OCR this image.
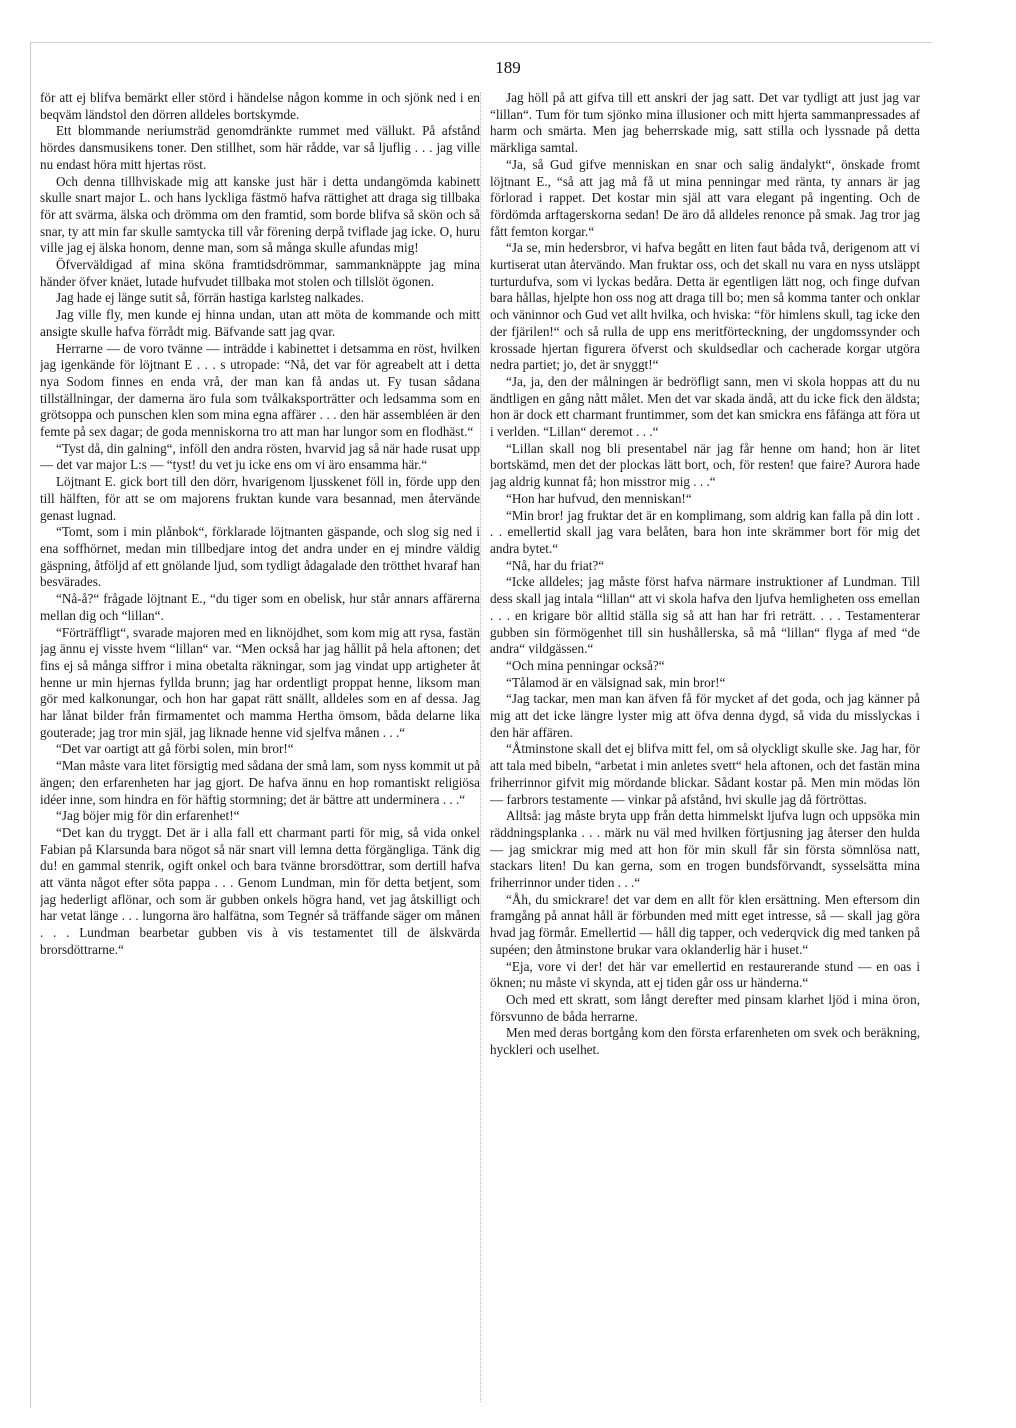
189

för att ej blifva bemärkt eller störd i händelse någon komme in och sjönk ned i en beqväm ländstol den dörren alldeles bortskymde.

Ett blommande neriumsträd genomdränkte rummet med vällukt. På afstånd hördes dansmusikens toner. Den stillhet, som här rådde, var så ljuflig . . . jag ville nu endast höra mitt hjertas röst.

Och denna tillhviskade mig att kanske just här i detta undangömda kabinett skulle snart major L. och hans lyckliga fästmö hafva rättighet att draga sig tillbaka för att svärma, älska och drömma om den framtid, som borde blifva så skön och så snar, ty att min far skulle samtycka till vår förening derpå tviflade jag icke. O, huru ville jag ej älska honom, denne man, som så många skulle afundas mig!

Öfverväldigad af mina sköna framtidsdrömmar, sammanknäppte jag mina händer öfver knäet, lutade hufvudet tillbaka mot stolen och tillslöt ögonen.

Jag hade ej länge sutit så, förrän hastiga karlsteg nalkades.

Jag ville fly, men kunde ej hinna undan, utan att möta de kommande och mitt ansigte skulle hafva förrådt mig. Bäfvande satt jag qvar.

Herrarne — de voro tvänne — inträdde i kabinettet i detsamma en röst, hvilken jag igenkände för löjtnant E . . . s utropade: “Nå, det var för agreabelt att i detta nya Sodom finnes en enda vrå, der man kan få andas ut. Fy tusan sådana tillställningar, der damerna äro fula som tvålkaksporträtter och ledsamma som en grötsoppa och punschen klen som mina egna affärer . . . den här assembléen är den femte på sex dagar; de goda menniskorna tro att man har lungor som en flodhäst.“

“Tyst då, din galning“, inföll den andra rösten, hvarvid jag så när hade rusat upp — det var major L:s — “tyst! du vet ju icke ens om vi äro ensamma här.“

Löjtnant E. gick bort till den dörr, hvarigenom ljusskenet föll in, förde upp den till hälften, för att se om majorens fruktan kunde vara besannad, men återvände genast lugnad.

“Tomt, som i min plånbok“, förklarade löjtnanten gäspande, och slog sig ned i ena soffhörnet, medan min tillbedjare intog det andra under en ej mindre väldig gäspning, åtföljd af ett gnölande ljud, som tydligt ådagalade den trötthet hvaraf han besvärades.

“Nå-å?“ frågade löjtnant E., “du tiger som en obelisk, hur står annars affärerna mellan dig och “lillan“.

“Förträffligt“, svarade majoren med en liknöjdhet, som kom mig att rysa, fastän jag ännu ej visste hvem “lillan“ var. “Men också har jag hållit på hela aftonen; det fins ej så många siffror i mina obetalta räkningar, som jag vindat upp artigheter åt henne ur min hjernas fyllda brunn; jag har ordentligt proppat henne, liksom man gör med kalkonungar, och hon har gapat rätt snällt, alldeles som en af dessa. Jag har lånat bilder från firmamentet och mamma Hertha ömsom, båda delarne lika gouterade; jag tror min själ, jag liknade henne vid sjelfva månen . . .“

“Det var oartigt att gå förbi solen, min bror!“

“Man måste vara litet försigtig med sådana der små lam, som nyss kommit ut på ängen; den erfarenheten har jag gjort. De hafva ännu en hop romantiskt religiösa idéer inne, som hindra en för häftig stormning; det är bättre att underminera . . .“

“Jag böjer mig för din erfarenhet!“

“Det kan du tryggt. Det är i alla fall ett charmant parti för mig, så vida onkel Fabian på Klarsunda bara nögot så när snart vill lemna detta förgängliga. Tänk dig du! en gammal stenrik, ogift onkel och bara tvänne brorsdöttrar, som dertill hafva att vänta något efter söta pappa . . . Genom Lundman, min för detta betjent, som jag hederligt aflönar, och som är gubben onkels högra hand, vet jag åtskilligt och har vetat länge . . . lungorna äro halfätna, som Tegnér så träffande säger om månen . . . Lundman bearbetar gubben vis à vis testamentet till de älskvärda brorsdöttrarne.“

Jag höll på att gifva till ett anskri der jag satt. Det var tydligt att just jag var “lillan“. Tum för tum sjönko mina illusioner och mitt hjerta sammanpressades af harm och smärta. Men jag beherrskade mig, satt stilla och lyssnade på detta märkliga samtal.

“Ja, så Gud gifve menniskan en snar och salig ändalykt“, önskade fromt löjtnant E., “så att jag må få ut mina penningar med ränta, ty annars är jag förlorad i rappet. Det kostar min själ att vara elegant på ingenting. Och de fördömda arftagerskorna sedan! De äro då alldeles renonce på smak. Jag tror jag fått femton korgar.“

“Ja se, min hedersbror, vi hafva begått en liten faut båda två, derigenom att vi kurtiserat utan återvändo. Man fruktar oss, och det skall nu vara en nyss utsläppt turturdufva, som vi lyckas bedåra. Detta är egentligen lätt nog, och finge dufvan bara hållas, hjelpte hon oss nog att draga till bo; men så komma tanter och onklar och väninnor och Gud vet allt hvilka, och hviska: “för himlens skull, tag icke den der fjärilen!“ och så rulla de upp ens meritförteckning, der ungdomssynder och krossade hjertan figurera öfverst och skuldsedlar och cacherade korgar utgöra nedra partiet; jo, det är snyggt!“

“Ja, ja, den der målningen är bedröfligt sann, men vi skola hoppas att du nu ändtligen en gång nått målet. Men det var skada ändå, att du icke fick den äldsta; hon är dock ett charmant fruntimmer, som det kan smickra ens fåfänga att föra ut i verlden. “Lillan“ deremot . . .“

“Lillan skall nog bli presentabel när jag får henne om hand; hon är litet bortskämd, men det der plockas lätt bort, och, för resten! que faire? Aurora hade jag aldrig kunnat få; hon misstror mig . . .“

“Hon har hufvud, den menniskan!“

“Min bror! jag fruktar det är en komplimang, som aldrig kan falla på din lott . . . emellertid skall jag vara belåten, bara hon inte skrämmer bort för mig det andra bytet.“

“Nå, har du friat?“

“Icke alldeles; jag måste först hafva närmare instruktioner af Lundman. Till dess skall jag intala “lillan“ att vi skola hafva den ljufva hemligheten oss emellan . . . en krigare bör alltid ställa sig så att han har fri reträtt. . . . Testamenterar gubben sin förmögenhet till sin hushållerska, så må “lillan“ flyga af med “de andra“ vildgässen.“

“Och mina penningar också?“

“Tålamod är en välsignad sak, min bror!“

“Jag tackar, men man kan äfven få för mycket af det goda, och jag känner på mig att det icke längre lyster mig att öfva denna dygd, så vida du misslyckas i den här affären.

“Åtminstone skall det ej blifva mitt fel, om så olyckligt skulle ske. Jag har, för att tala med bibeln, “arbetat i min anletes svett“ hela aftonen, och det fastän mina friherrinnor gifvit mig mördande blickar. Sådant kostar på. Men min mödas lön — farbrors testamente — vinkar på afstånd, hvi skulle jag då förtröttas.

Alltså: jag måste bryta upp från detta himmelskt ljufva lugn och uppsöka min räddningsplanka . . . märk nu väl med hvilken förtjusning jag återser den hulda — jag smickrar mig med att hon för min skull får sin första sömnlösa natt, stackars liten! Du kan gerna, som en trogen bundsförvandt, sysselsätta mina friherrinnor under tiden . . .“

“Åh, du smickrare! det var dem en allt för klen ersättning. Men eftersom din framgång på annat håll är förbunden med mitt eget intresse, så — skall jag göra hvad jag förmår. Emellertid — håll dig tapper, och vederqvick dig med tanken på supéen; den åtminstone brukar vara oklanderlig här i huset.“

“Eja, vore vi der! det här var emellertid en restaurerande stund — en oas i öknen; nu måste vi skynda, att ej tiden går oss ur händerna.“

Och med ett skratt, som långt derefter med pinsam klarhet ljöd i mina öron, försvunno de båda herrarne.

Men med deras bortgång kom den första erfarenheten om svek och beräkning, hyckleri och uselhet.
